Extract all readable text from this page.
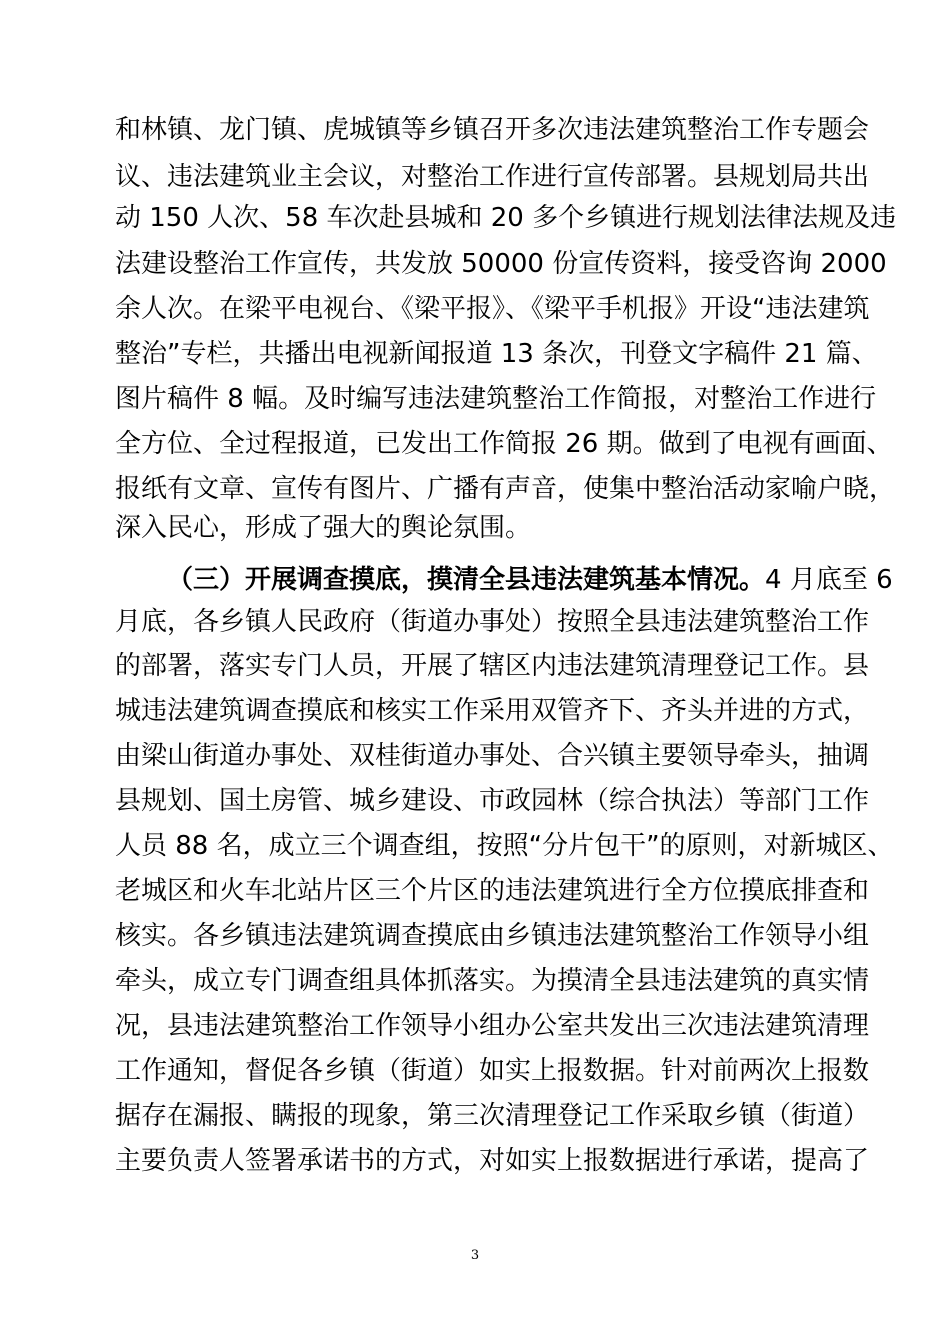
和林镇、龙门镇、虎城镇等乡镇召开多次违法建筑整治工作专题会
议、违法建筑业主会议，对整治工作进行宣传部署。县规划局共出
动 150 人次、58 车次赴县城和 20 多个乡镇进行规划法律法规及违
法建设整治工作宣传，共发放 50000 份宣传资料，接受咨询 2000
余人次。在梁平电视台、《梁平报》、《梁平手机报》开设“违法建筑
整治”专栏，共播出电视新闻报道 13 条次，刊登文字稿件 21 篇、
图片稿件 8 幅。及时编写违法建筑整治工作简报，对整治工作进行
全方位、全过程报道，已发出工作简报 26 期。做到了电视有画面、
报纸有文章、宣传有图片、广播有声音，使集中整治活动家喻户晓，
深入民心，形成了强大的舆论氛围。
（三）开展调查摸底，摸清全县违法建筑基本情况。4 月底至 6
月底，各乡镇人民政府（街道办事处）按照全县违法建筑整治工作
的部署，落实专门人员，开展了辖区内违法建筑清理登记工作。县
城违法建筑调查摸底和核实工作采用双管齐下、齐头并进的方式，
由梁山街道办事处、双桂街道办事处、合兴镇主要领导牵头，抽调
县规划、国土房管、城乡建设、市政园林（综合执法）等部门工作
人员 88 名，成立三个调查组，按照“分片包干”的原则，对新城区、
老城区和火车北站片区三个片区的违法建筑进行全方位摸底排查和
核实。各乡镇违法建筑调查摸底由乡镇违法建筑整治工作领导小组
牵头，成立专门调查组具体抓落实。为摸清全县违法建筑的真实情
况，县违法建筑整治工作领导小组办公室共发出三次违法建筑清理
工作通知，督促各乡镇（街道）如实上报数据。针对前两次上报数
据存在漏报、瞒报的现象，第三次清理登记工作采取乡镇（街道）
主要负责人签署承诺书的方式，对如实上报数据进行承诺，提高了
3
